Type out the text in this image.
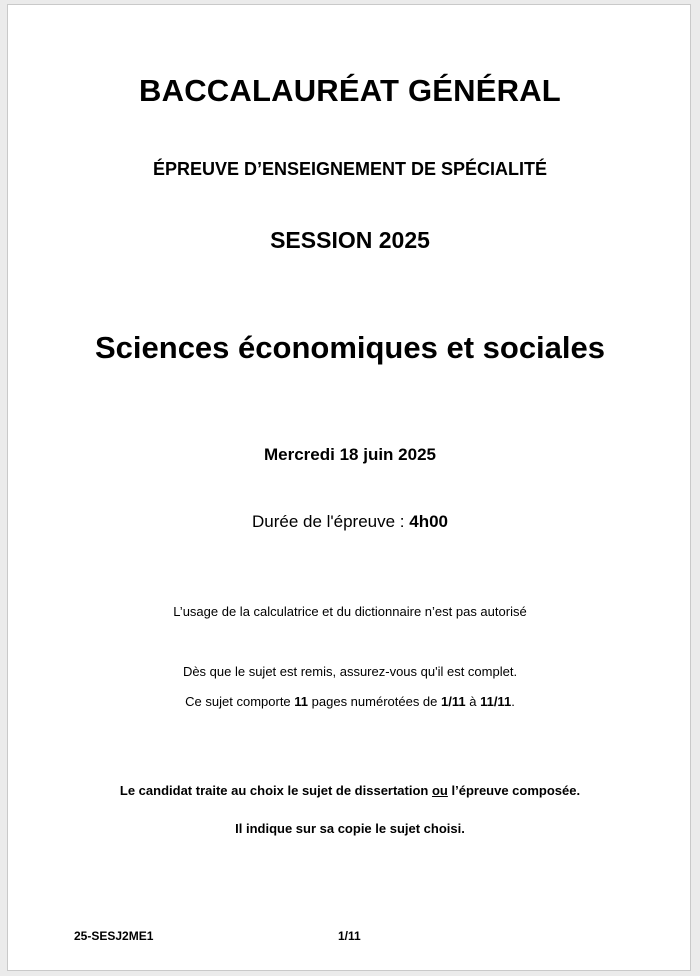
BACCALAURÉAT GÉNÉRAL
ÉPREUVE D’ENSEIGNEMENT DE SPÉCIALITÉ
SESSION 2025
Sciences économiques et sociales
Mercredi 18 juin 2025
Durée de l'épreuve : 4h00
L’usage de la calculatrice et du dictionnaire n’est pas autorisé
Dès que le sujet est remis, assurez-vous qu'il est complet.
Ce sujet comporte 11 pages numérotées de 1/11 à 11/11.
Le candidat traite au choix le sujet de dissertation ou l’épreuve composée.
Il indique sur sa copie le sujet choisi.
25-SESJ2ME1	1/11
